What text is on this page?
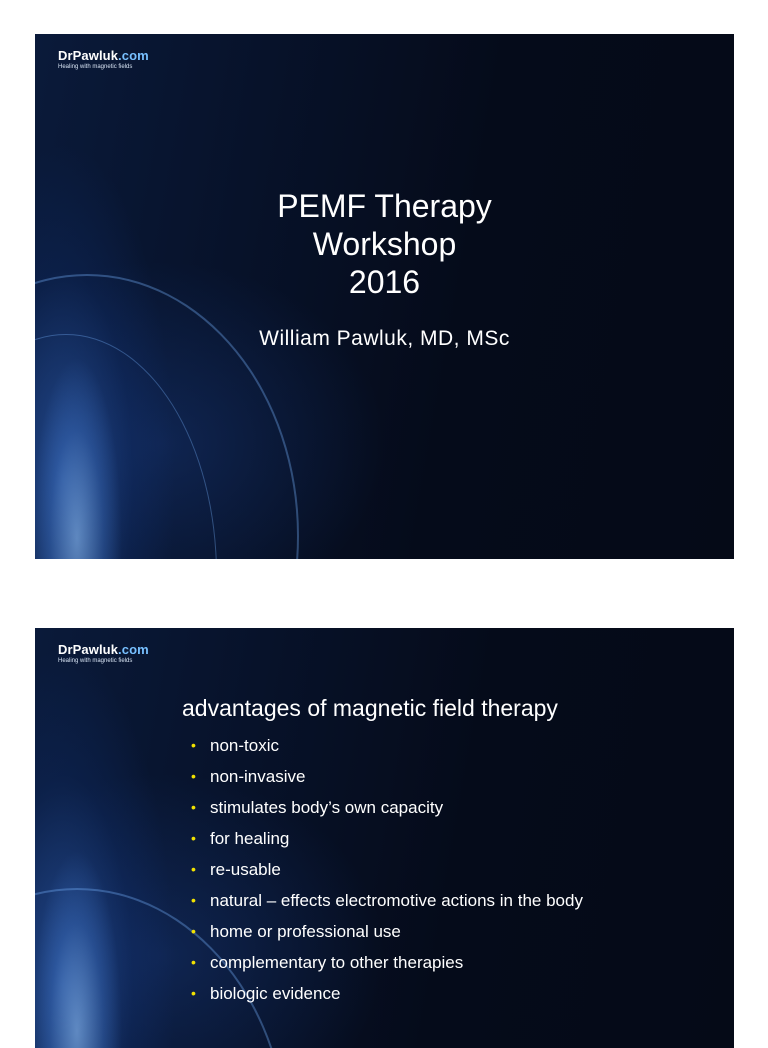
DrPawluk.com
Healing with magnetic fields
PEMF Therapy
Workshop
2016
William Pawluk, MD, MSc
DrPawluk.com
Healing with magnetic fields
advantages of magnetic field therapy
• non-toxic
• non-invasive
• stimulates body’s own capacity
• for healing
• re-usable
• natural – effects electromotive actions in the body
• home or professional use
• complementary to other therapies
• biologic evidence
